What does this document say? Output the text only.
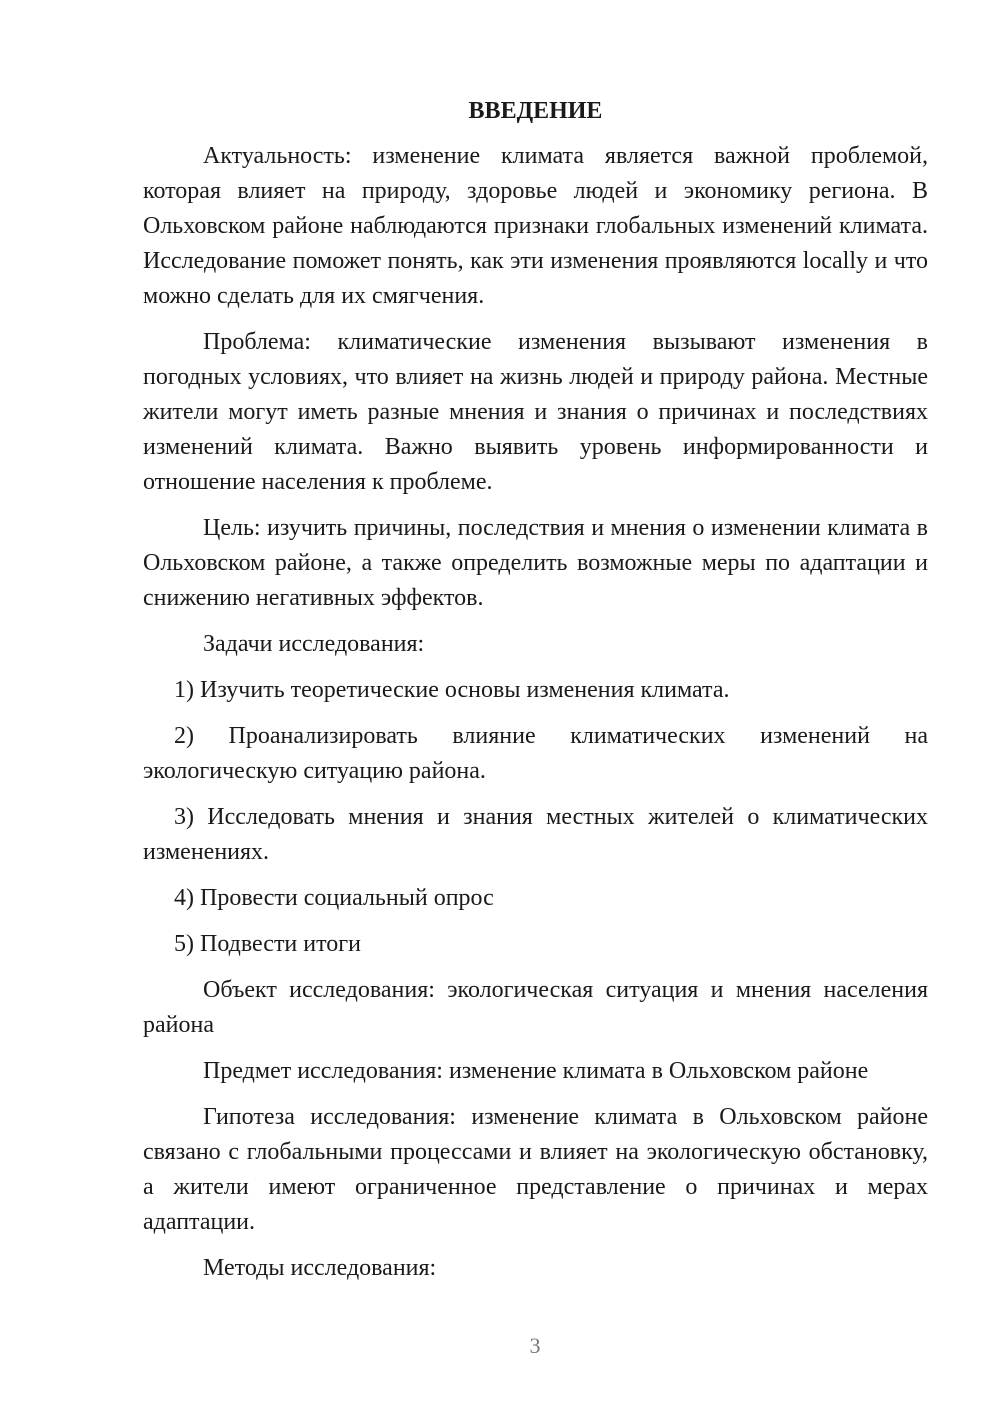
ВВЕДЕНИЕ

Актуальность: изменение климата является важной проблемой, которая влияет на природу, здоровье людей и экономику региона. В Ольховском районе наблюдаются признаки глобальных изменений климата. Исследование поможет понять, как эти изменения проявляются locally и что можно сделать для их смягчения.

Проблема: климатические изменения вызывают изменения в погодных условиях, что влияет на жизнь людей и природу района. Местные жители могут иметь разные мнения и знания о причинах и последствиях изменений климата. Важно выявить уровень информированности и отношение населения к проблеме.

Цель: изучить причины, последствия и мнения о изменении климата в Ольховском районе, а также определить возможные меры по адаптации и снижению негативных эффектов.

Задачи исследования:

1) Изучить теоретические основы изменения климата.

2) Проанализировать влияние климатических изменений на экологическую ситуацию района.

3) Исследовать мнения и знания местных жителей о климатических изменениях.

4) Провести социальный опрос

5) Подвести итоги

Объект исследования: экологическая ситуация и мнения населения района

Предмет исследования: изменение климата в Ольховском районе

Гипотеза исследования: изменение климата в Ольховском районе связано с глобальными процессами и влияет на экологическую обстановку, а жители имеют ограниченное представление о причинах и мерах адаптации.

Методы исследования:

3
